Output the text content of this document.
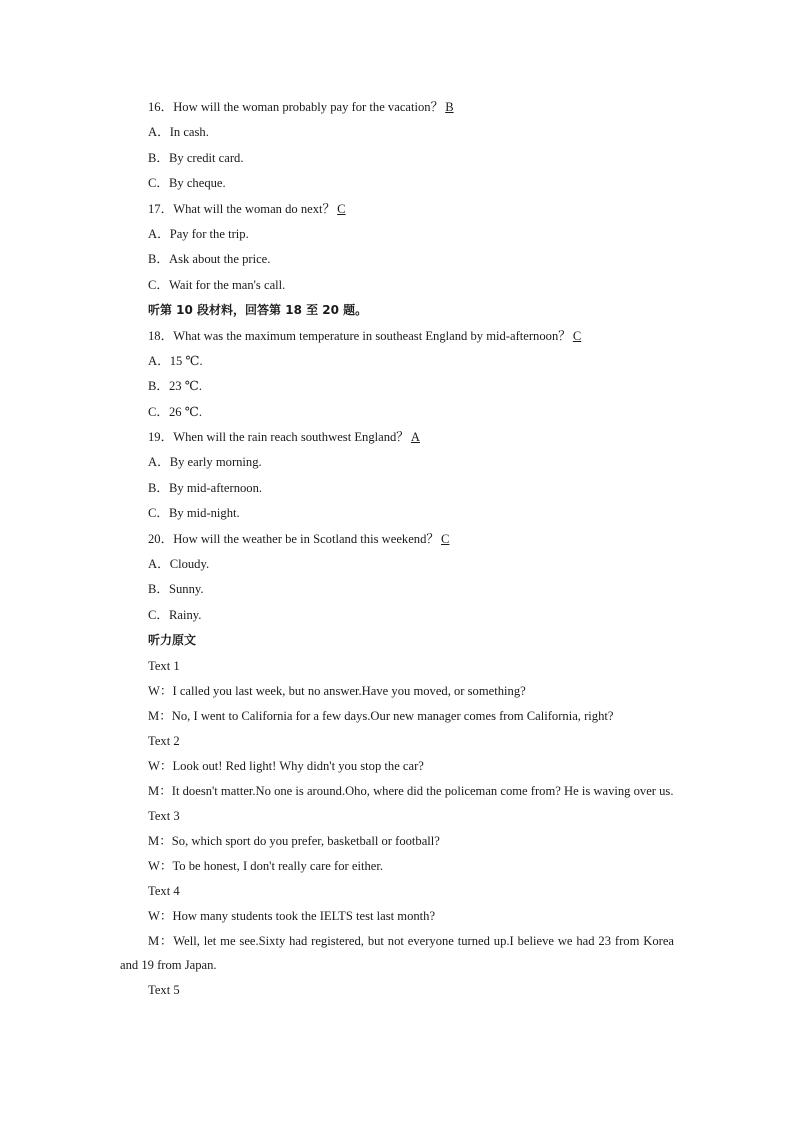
16．How will the woman probably pay for the vacation？ B
A．In cash.
B．By credit card.
C．By cheque.
17．What will the woman do next？ C
A．Pay for the trip.
B．Ask about the price.
C．Wait for the man's call.
听第 10 段材料，回答第 18 至 20 题。
18．What was the maximum temperature in southeast England by mid-afternoon？ C
A．15 ℃.
B．23 ℃.
C．26 ℃.
19．When will the rain reach southwest England？ A
A．By early morning.
B．By mid-afternoon.
C．By mid-night.
20．How will the weather be in Scotland this weekend？ C
A．Cloudy.
B．Sunny.
C．Rainy.
听力原文
Text 1
W：I called you last week, but no answer.Have you moved, or something?
M：No, I went to California for a few days.Our new manager comes from California, right?
Text 2
W：Look out! Red light! Why didn't you stop the car?
M：It doesn't matter.No one is around.Oho, where did the policeman come from? He is waving over us.
Text 3
M：So, which sport do you prefer, basketball or football?
W：To be honest, I don't really care for either.
Text 4
W：How many students took the IELTS test last month?
M：Well, let me see.Sixty had registered, but not everyone turned up.I believe we had 23 from Korea and 19 from Japan.
Text 5
